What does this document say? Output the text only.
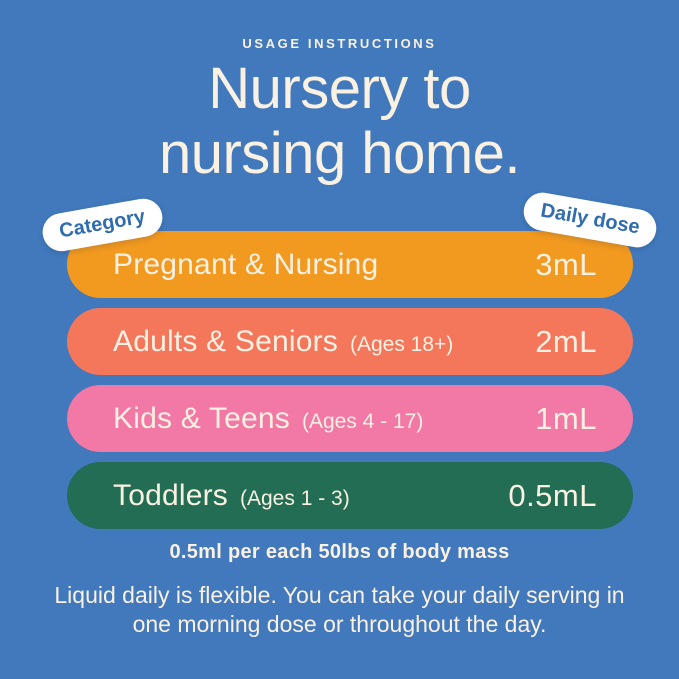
USAGE INSTRUCTIONS
Nursery to
nursing home.
Category	Daily dose
Pregnant & Nursing	3mL
Adults & Seniors (Ages 18+)	2mL
Kids & Teens (Ages 4 - 17)	1mL
Toddlers (Ages 1 - 3)	0.5mL
0.5ml per each 50lbs of body mass
Liquid daily is flexible. You can take your daily serving in
one morning dose or throughout the day.
